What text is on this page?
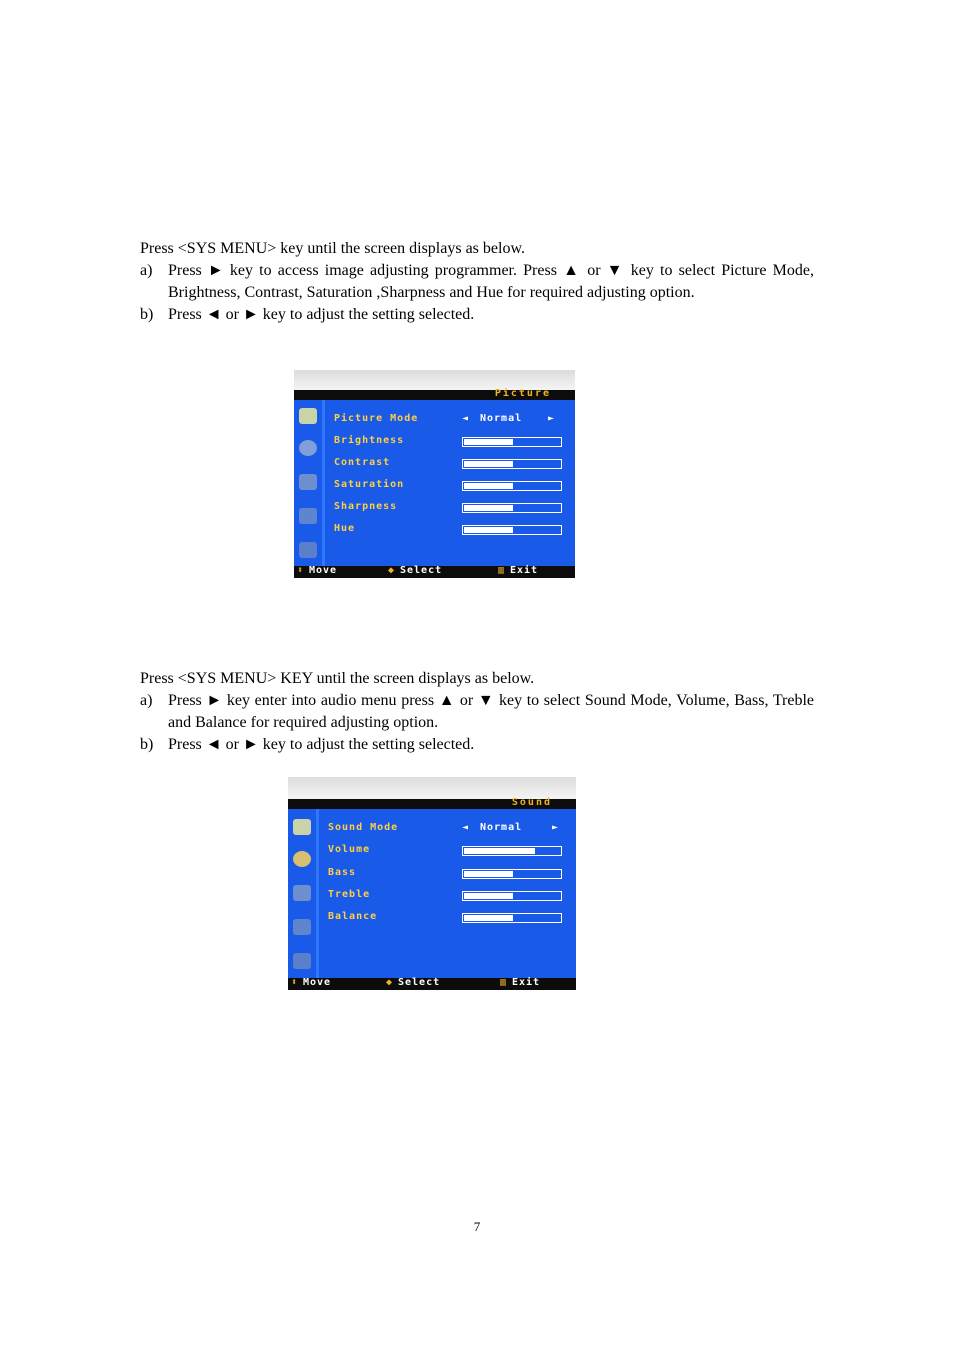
Press <SYS MENU> key until the screen displays as below.

a) Press ► key to access image adjusting programmer. Press ▲ or ▼ key to select Picture Mode, Brightness, Contrast, Saturation ,Sharpness and Hue for required adjusting option.
b) Press ◄ or ► key to adjust the setting selected.
Picture
Picture Mode	◄ Normal	►
Brightness
Contrast
Saturation
Sharpness
Hue
⬍ Move	◆ Select	▥ Exit

Press <SYS MENU> KEY until the screen displays as below.

a) Press ► key enter into audio menu press ▲ or ▼ key to select Sound Mode, Volume, Bass, Treble and Balance for required adjusting option.
b) Press ◄ or ► key to adjust the setting selected.
Sound
Sound Mode	◄ Normal	►
Volume
Bass
Treble
Balance
⬍ Move	◆ Select	▥ Exit
7
